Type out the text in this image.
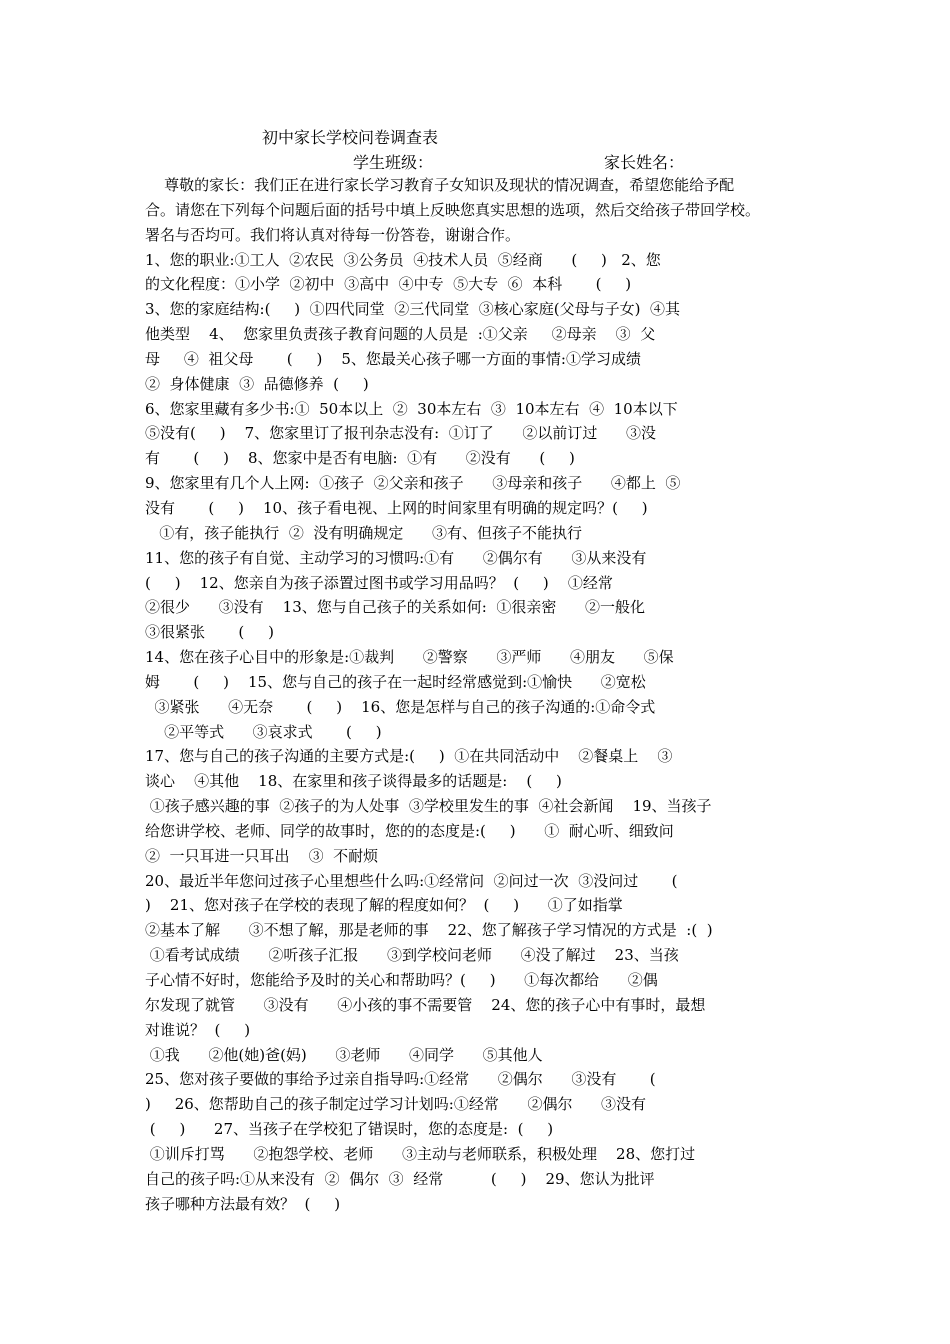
初中家长学校问卷调查表
学生班级：	家长姓名：
尊敬的家长：我们正在进行家长学习教育子女知识及现状的情况调查，希望您能给予配
合。请您在下列每个问题后面的括号中填上反映您真实思想的选项，然后交给孩子带回学校。
署名与否均可。我们将认真对待每一份答卷，谢谢合作。
1、您的职业:①工人  ②农民  ③公务员  ④技术人员  ⑤经商      (     )   2、您
的文化程度：①小学  ②初中  ③高中  ④中专  ⑤大专  ⑥  本科       (     )
3、您的家庭结构:(     )  ①四代同堂  ②三代同堂  ③核心家庭(父母与子女)  ④其
他类型    4、  您家里负责孩子教育问题的人员是  :①父亲     ②母亲    ③  父
母     ④  祖父母       (     )    5、您最关心孩子哪一方面的事情:①学习成绩
②  身体健康  ③  品德修养  (     )
6、您家里藏有多少书:①  50本以上  ②  30本左右  ③  10本左右  ④  10本以下
⑤没有(     )    7、您家里订了报刊杂志没有:  ①订了      ②以前订过      ③没
有       (     )    8、您家中是否有电脑:  ①有      ②没有      (     )
9、您家里有几个人上网:  ①孩子  ②父亲和孩子      ③母亲和孩子      ④都上  ⑤
没有       (     )    10、孩子看电视、上网的时间家里有明确的规定吗？(     )
①有，孩子能执行  ②  没有明确规定      ③有、但孩子不能执行
11、您的孩子有自觉、主动学习的习惯吗:①有      ②偶尔有      ③从来没有
(     )    12、您亲自为孩子添置过图书或学习用品吗？  (     )    ①经常
②很少      ③没有    13、您与自己孩子的关系如何:  ①很亲密      ②一般化
③很紧张       (     )
14、您在孩子心目中的形象是:①裁判      ②警察      ③严师      ④朋友      ⑤保
姆       (     )    15、您与自己的孩子在一起时经常感觉到:①愉快      ②宽松
③紧张      ④无奈       (     )    16、您是怎样与自己的孩子沟通的:①命令式
②平等式      ③哀求式       (     )
17、您与自己的孩子沟通的主要方式是:(     )  ①在共同活动中    ②餐桌上    ③
谈心    ④其他    18、在家里和孩子谈得最多的话题是:    (     )
①孩子感兴趣的事  ②孩子的为人处事  ③学校里发生的事  ④社会新闻    19、当孩子
给您讲学校、老师、同学的故事时，您的的态度是:(     )      ①  耐心听、细致问
②  一只耳进一只耳出    ③  不耐烦
20、最近半年您问过孩子心里想些什么吗:①经常问  ②问过一次  ③没问过       (
)    21、您对孩子在学校的表现了解的程度如何？  (     )      ①了如指掌
②基本了解      ③不想了解，那是老师的事    22、您了解孩子学习情况的方式是  :(  )
①看考试成绩      ②听孩子汇报      ③到学校问老师      ④没了解过    23、当孩
子心情不好时，您能给予及时的关心和帮助吗？(     )      ①每次都给      ②偶
尔发现了就管      ③没有      ④小孩的事不需要管    24、您的孩子心中有事时，最想
对谁说？  (     )
①我      ②他(她)爸(妈)      ③老师      ④同学      ⑤其他人
25、您对孩子要做的事给予过亲自指导吗:①经常      ②偶尔      ③没有       (
)     26、您帮助自己的孩子制定过学习计划吗:①经常      ②偶尔      ③没有
(     )      27、当孩子在学校犯了错误时，您的态度是:  (     )
①训斥打骂      ②抱怨学校、老师      ③主动与老师联系，积极处理    28、您打过
自己的孩子吗:①从来没有  ②  偶尔  ③  经常          (     )    29、您认为批评
孩子哪种方法最有效？  (     )
